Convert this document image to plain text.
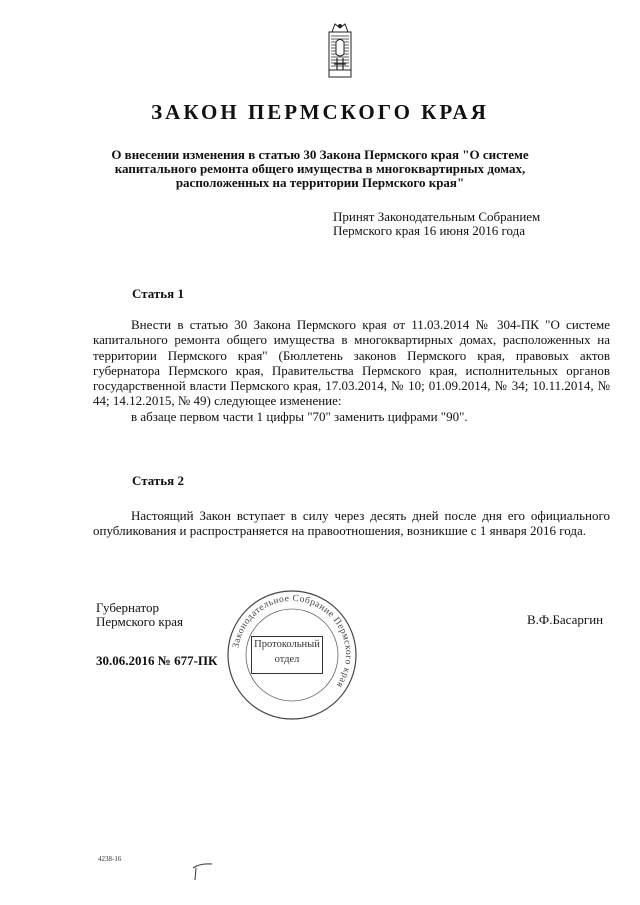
ЗАКОН ПЕРМСКОГО КРАЯ
О внесении изменения в статью 30 Закона Пермского края "О системе
капитального ремонта общего имущества в многоквартирных домах,
расположенных на территории Пермского края"
Принят Законодательным Собранием
Пермского края 16 июня 2016 года
Статья 1

Внести в статью 30 Закона Пермского края от 11.03.2014 № 304-ПК "О системе капитального ремонта общего имущества в многоквартирных домах, расположенных на территории Пермского края" (Бюллетень законов Пермского края, правовых актов губернатора Пермского края, Правительства Пермского края, исполнительных органов государственной власти Пермского края, 17.03.2014, № 10; 01.09.2014, № 34; 10.11.2014, № 44; 14.12.2015, № 49) следующее изменение:

в абзаце первом части 1 цифры "70" заменить цифрами "90".

Статья 2

Настоящий Закон вступает в силу через десять дней после дня его официального опубликования и распространяется на правоотношения, возникшие с 1 января 2016 года.

Губернатор
Пермского края	В.Ф.Басаргин
30.06.2016 № 677-ПК
Законодательное Собрание Пермского края
Протокольный
отдел
4238-16
